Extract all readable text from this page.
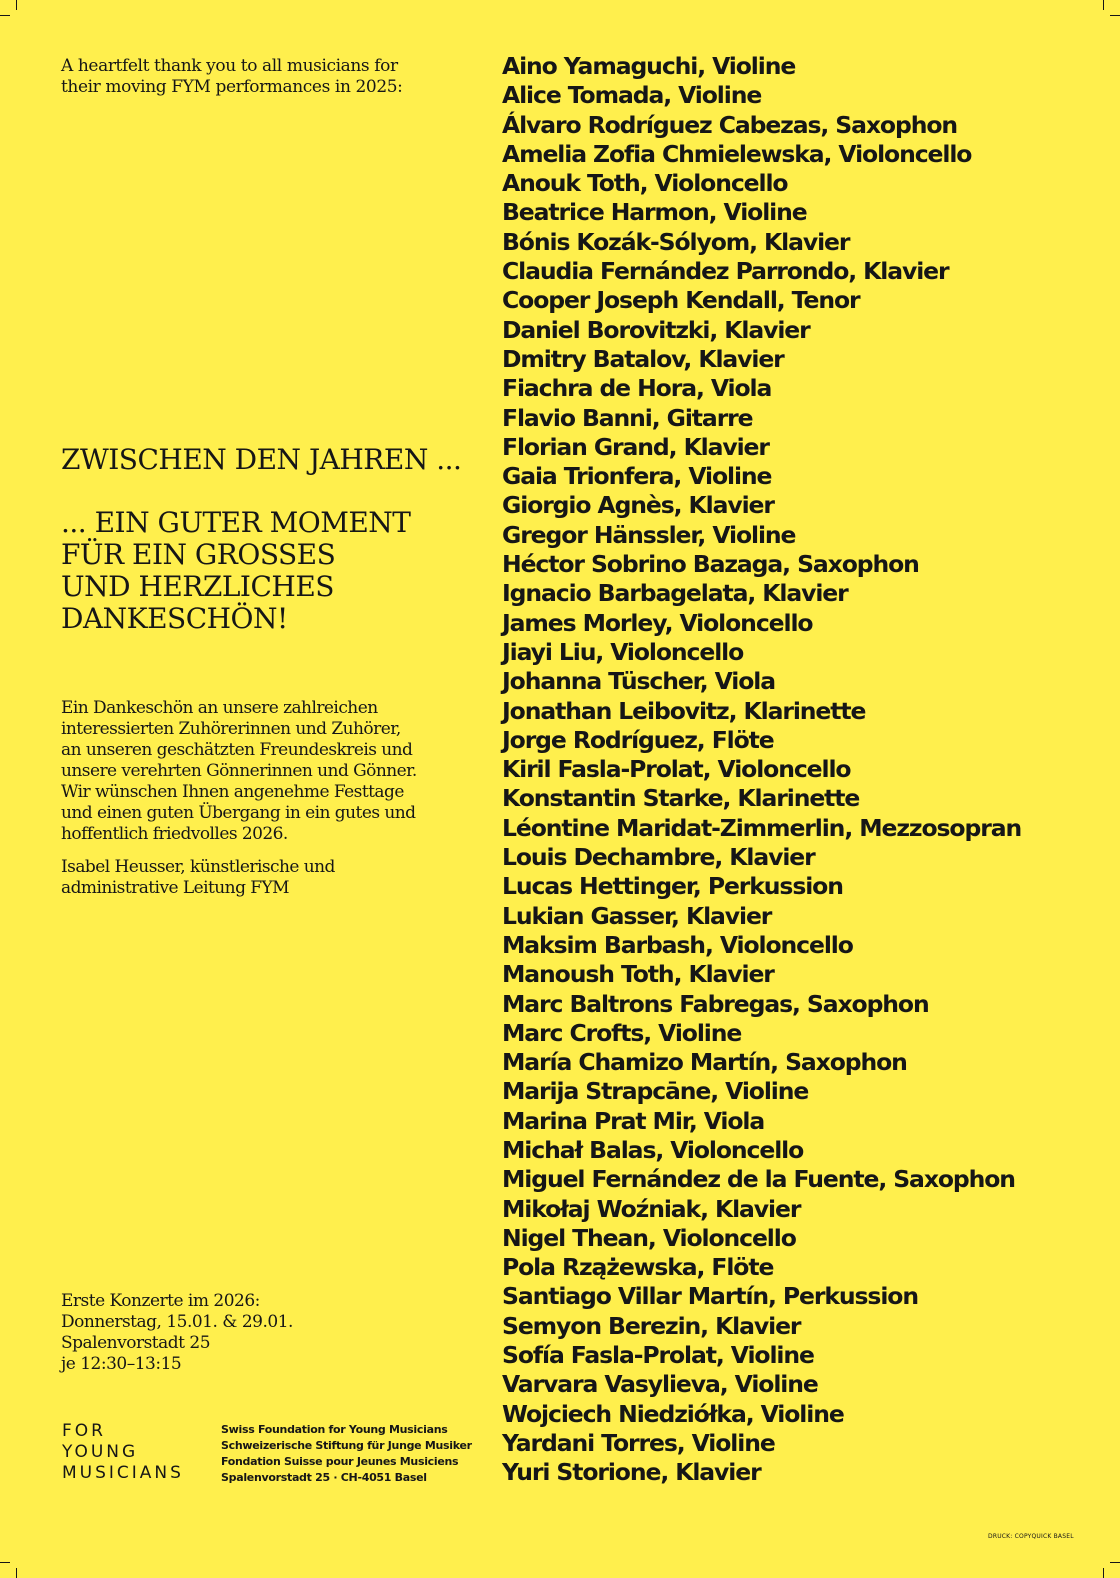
A heartfelt thank you to all musicians for
their moving FYM performances in 2025:
ZWISCHEN DEN JAHREN ...
... EIN GUTER MOMENT
FÜR EIN GROSSES
UND HERZLICHES
DANKESCHÖN!

Ein Dankeschön an unsere zahlreichen
interessierten Zuhörerinnen und Zuhörer,
an unseren geschätzten Freundeskreis und
unsere verehrten Gönnerinnen und Gönner.
Wir wünschen Ihnen angenehme Festtage
und einen guten Übergang in ein gutes und
hoffentlich friedvolles 2026.

Isabel Heusser, künstlerische und
administrative Leitung FYM

Erste Konzerte im 2026:
Donnerstag, 15.01. & 29.01.
Spalenvorstadt 25
je 12:30–13:15
FOR
YOUNG
MUSICIANS
Swiss Foundation for Young Musicians
Schweizerische Stiftung für Junge Musiker
Fondation Suisse pour Jeunes Musiciens
Spalenvorstadt 25 · CH-4051 Basel
Aino Yamaguchi, Violine
Alice Tomada, Violine
Álvaro Rodríguez Cabezas, Saxophon
Amelia Zofia Chmielewska, Violoncello
Anouk Toth, Violoncello
Beatrice Harmon, Violine
Bónis Kozák-Sólyom, Klavier
Claudia Fernández Parrondo, Klavier
Cooper Joseph Kendall, Tenor
Daniel Borovitzki, Klavier
Dmitry Batalov, Klavier
Fiachra de Hora, Viola
Flavio Banni, Gitarre
Florian Grand, Klavier
Gaia Trionfera, Violine
Giorgio Agnès, Klavier
Gregor Hänssler, Violine
Héctor Sobrino Bazaga, Saxophon
Ignacio Barbagelata, Klavier
James Morley, Violoncello
Jiayi Liu, Violoncello
Johanna Tüscher, Viola
Jonathan Leibovitz, Klarinette
Jorge Rodríguez, Flöte
Kiril Fasla-Prolat, Violoncello
Konstantin Starke, Klarinette
Léontine Maridat-Zimmerlin, Mezzosopran
Louis Dechambre, Klavier
Lucas Hettinger, Perkussion
Lukian Gasser, Klavier
Maksim Barbash, Violoncello
Manoush Toth, Klavier
Marc Baltrons Fabregas, Saxophon
Marc Crofts, Violine
María Chamizo Martín, Saxophon
Marija Strapcāne, Violine
Marina Prat Mir, Viola
Michał Balas, Violoncello
Miguel Fernández de la Fuente, Saxophon
Mikołaj Woźniak, Klavier
Nigel Thean, Violoncello
Pola Rzążewska, Flöte
Santiago Villar Martín, Perkussion
Semyon Berezin, Klavier
Sofía Fasla-Prolat, Violine
Varvara Vasylieva, Violine
Wojciech Niedziółka, Violine
Yardani Torres, Violine
Yuri Storione, Klavier
DRUCK: COPYQUICK BASEL
